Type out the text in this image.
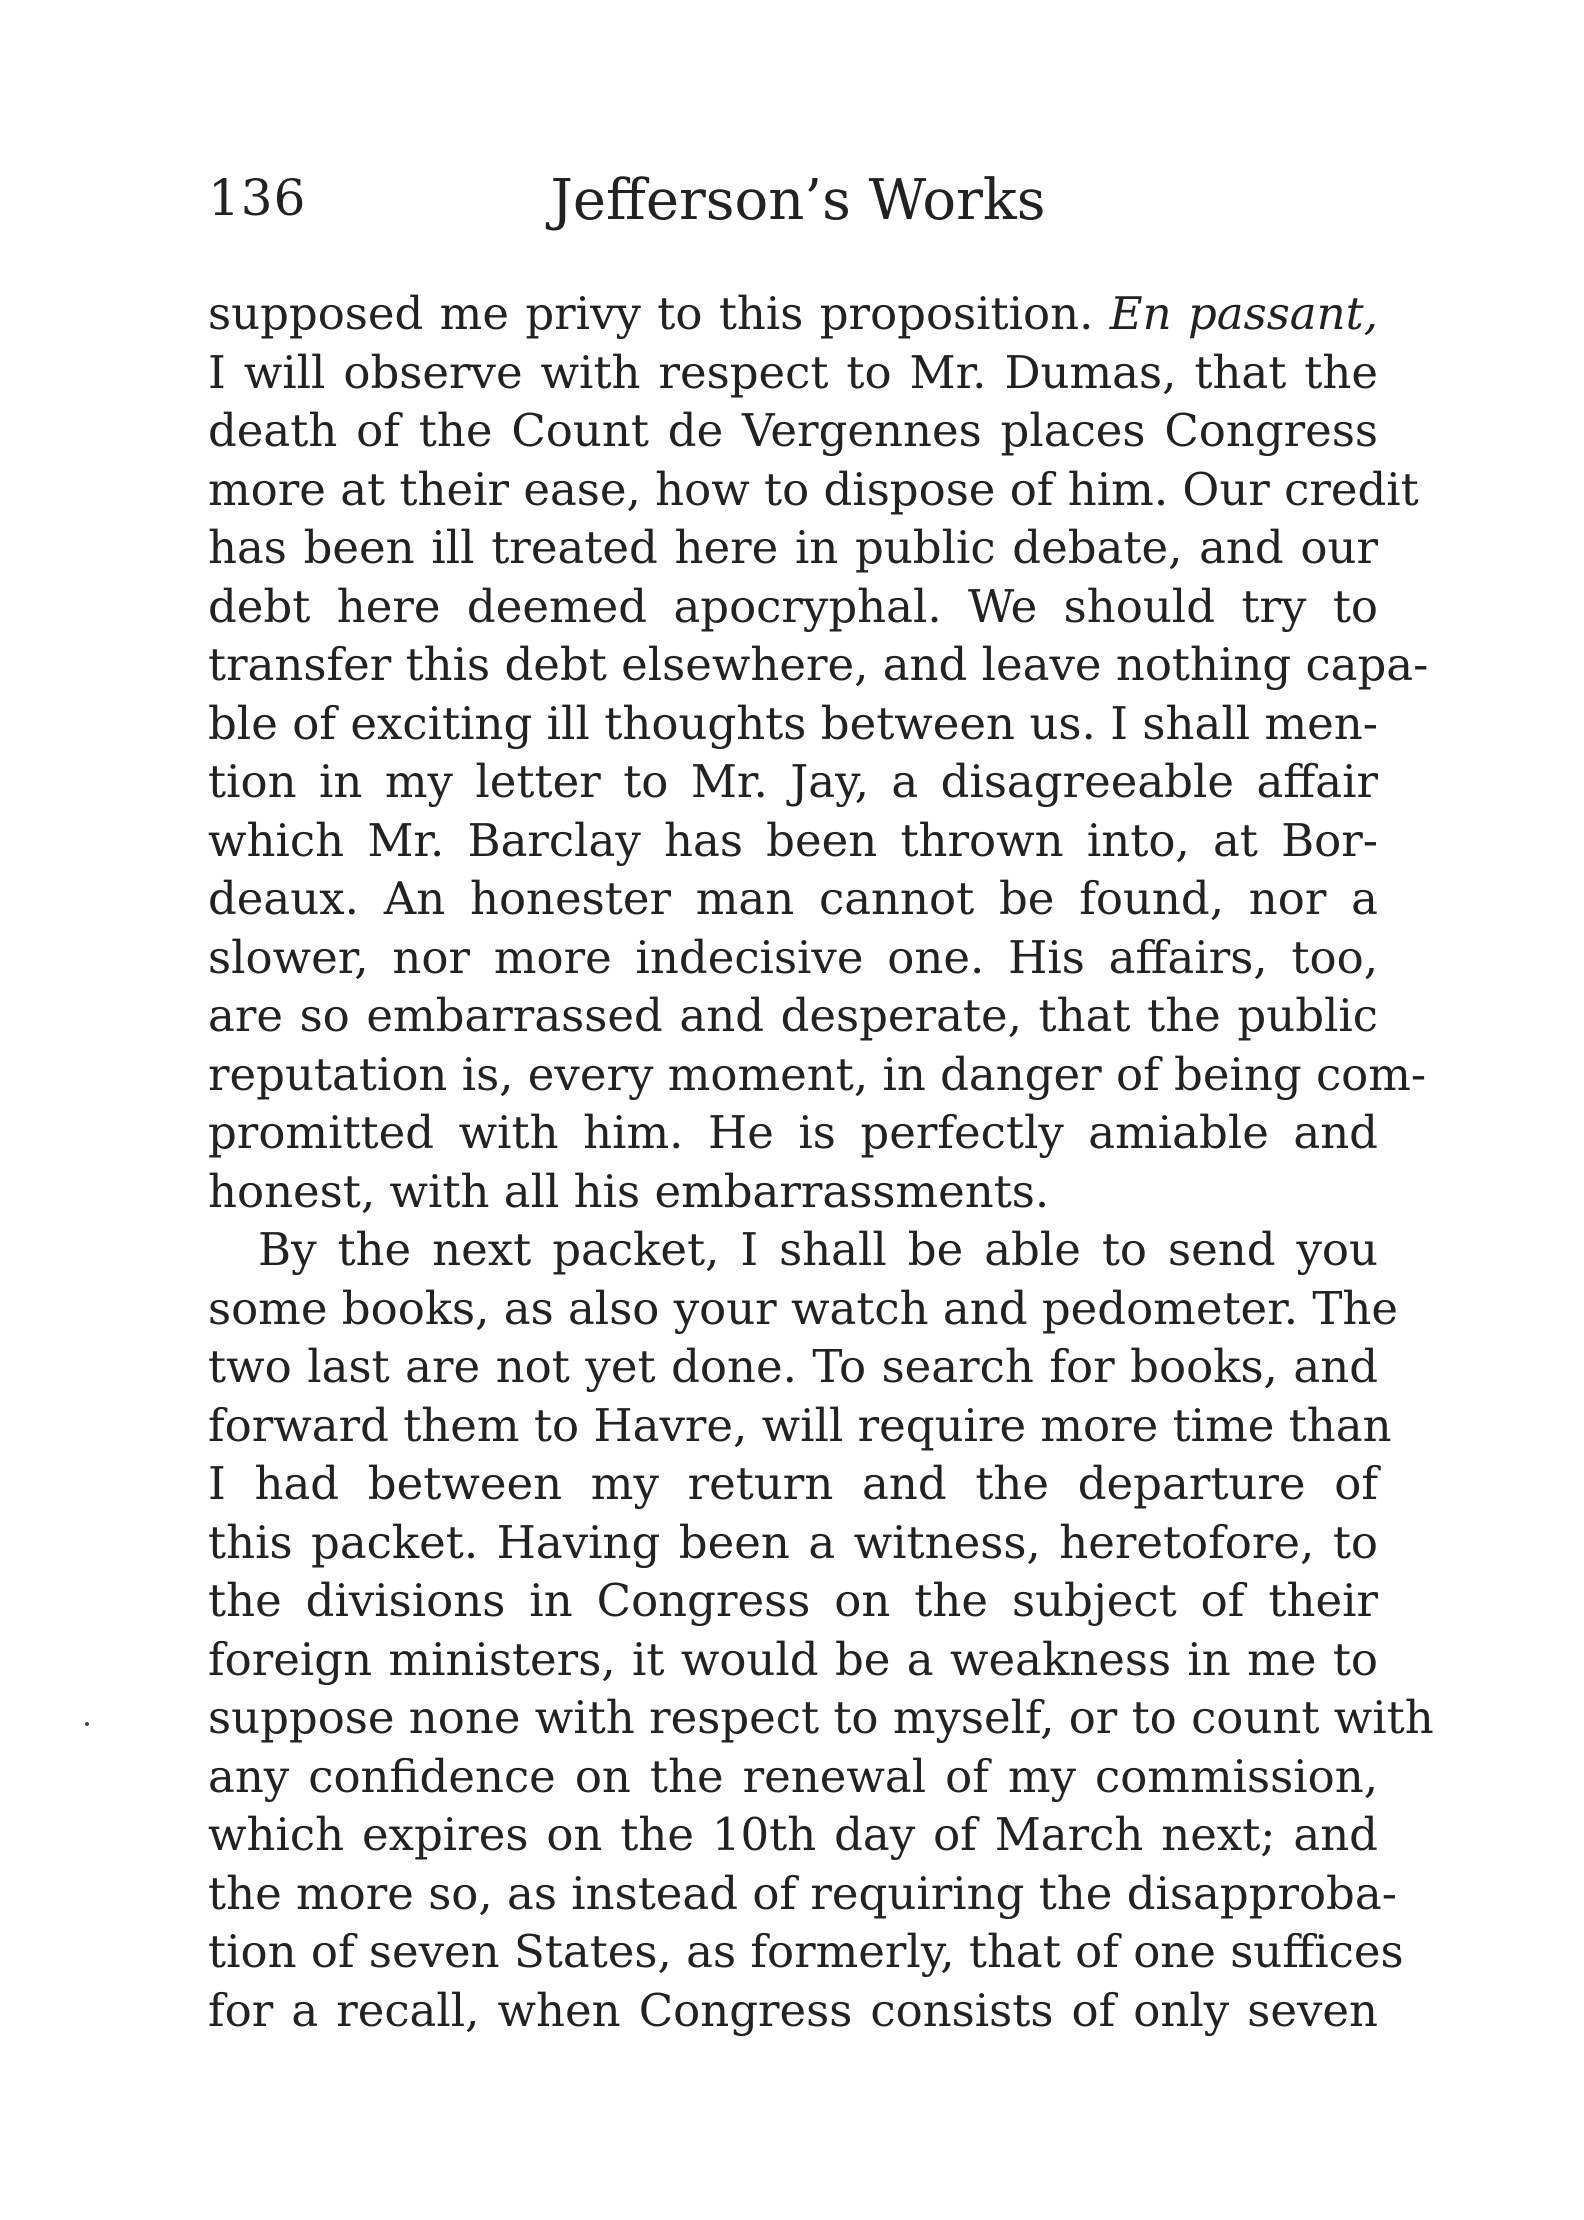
136	Jefferson’s Works
supposed me privy to this proposition. En passant,
I will observe with respect to Mr. Dumas, that the
death of the Count de Vergennes places Congress
more at their ease, how to dispose of him. Our credit
has been ill treated here in public debate, and our
debt here deemed apocryphal. We should try to
transfer this debt elsewhere, and leave nothing capa-
ble of exciting ill thoughts between us. I shall men-
tion in my letter to Mr. Jay, a disagreeable affair
which Mr. Barclay has been thrown into, at Bor-
deaux. An honester man cannot be found, nor a
slower, nor more indecisive one. His affairs, too,
are so embarrassed and desperate, that the public
reputation is, every moment, in danger of being com-
promitted with him. He is perfectly amiable and
honest, with all his embarrassments.
By the next packet, I shall be able to send you
some books, as also your watch and pedometer. The
two last are not yet done. To search for books, and
forward them to Havre, will require more time than
I had between my return and the departure of
this packet. Having been a witness, heretofore, to
the divisions in Congress on the subject of their
foreign ministers, it would be a weakness in me to
suppose none with respect to myself, or to count with
any confidence on the renewal of my commission,
which expires on the 10th day of March next; and
the more so, as instead of requiring the disapproba-
tion of seven States, as formerly, that of one suffices
for a recall, when Congress consists of only seven
